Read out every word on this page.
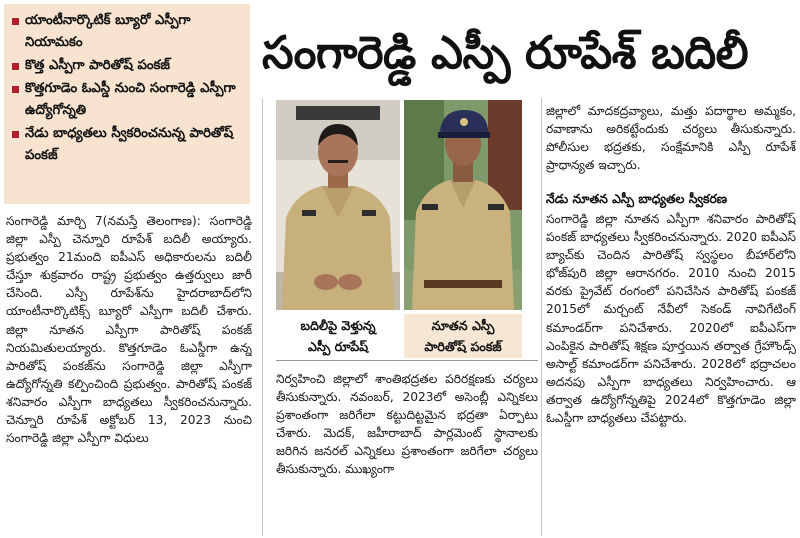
యాంటీనార్కొటిక్ బ్యూరో ఎస్పీగా నియామకం
కొత్త ఎస్పీగా పారితోష్ పంకజ్
కొత్తగూడెం ఓఎస్డీ నుంచి సంగారెడ్డి ఎస్పీగా ఉద్యోగోన్నతి
నేడు బాధ్యతలు స్వీకరించనున్న పారితోష్ పంకజ్
సంగారెడ్డి ఎస్పీ రూపేశ్ బదిలీ
బదిలీపై వెళ్తున్న
ఎస్పీ రూపేష్
నూతన ఎస్పీ
పారితోష్ పంకజ్
సంగారెడ్డి మార్చి 7(నమస్తే తెలంగాణ): సంగారెడ్డి జిల్లా ఎస్పీ చెన్నూరి రూపేశ్ బదిలీ అయ్యారు. ప్రభుత్వం 21మంది ఐపీఎస్ అధికారులను బదిలీ చేస్తూ శుక్రవారం రాష్ట్ర ప్రభుత్వం ఉత్తర్వులు జారీ చేసింది. ఎస్పీ రూపేశ్‌ను హైదరాబాద్‌లోని యాంటీనార్కొటిక్స్ బ్యూరో ఎస్పీగా బదిలీ చేశారు. జిల్లా నూతన ఎస్పీగా పారితోష్ పంకజ్ నియమితులయ్యారు. కొత్తగూడెం ఓఎస్డీగా ఉన్న పారితోష్ పంకజ్‌ను సంగారెడ్డి జిల్లా ఎస్పీగా ఉద్యోగోన్నతి కల్పించింది ప్రభుత్వం. పారితోష్ పంకజ్ శనివారం ఎస్పీగా బాధ్యతలు స్వీకరించనున్నారు. చెన్నూరి రూపేశ్ అక్టోబర్ 13, 2023 నుంచి సంగారెడ్డి జిల్లా ఎస్పీగా విధులు
నిర్వహించి జిల్లాలో శాంతిభద్రతల పరిరక్షణకు చర్యలు తీసుకున్నారు. నవంబర్, 2023లో అసెంబ్లీ ఎన్నికలు ప్రశాంతంగా జరిగేలా కట్టుదిట్టమైన భద్రతా ఏర్పాటు చేశారు. మెదక్, జహీరాబాద్ పార్లమెంట్ స్థానాలకు జరిగిన జనరల్ ఎన్నికలు ప్రశాంతంగా జరిగేలా చర్యలు తీసుకున్నారు. ముఖ్యంగా
జిల్లాలో మాదకద్రవ్యాలు, మత్తు పదార్థాల అమ్మకం, రవాణాను అరికట్టేందుకు చర్యలు తీసుకున్నారు. పోలీసుల భద్రతకు, సంక్షేమానికి ఎస్పీ రూపేశ్ ప్రాధాన్యత ఇచ్చారు.
నేడు నూతన ఎస్పీ బాధ్యతల స్వీకరణ
సంగారెడ్డి జిల్లా నూతన ఎస్పీగా శనివారం పారితోష్ పంకజ్ బాధ్యతలు స్వీకరించనున్నారు. 2020 ఐపీఎస్ బ్యాచ్‌కు చెందిన పారితోష్ స్వస్థలం బీహార్‌లోని భోజ్‌పురి జిల్లా ఆరానగరం. 2010 నుంచి 2015 వరకు ప్రైవేట్ రంగంలో పనిచేసిన పారితోష్ పంకజ్ 2015లో మర్చంట్ నేవీలో సెకండ్ నావిగేటింగ్ కమాండర్‌గా పనిచేశారు. 2020లో ఐపీఎస్‌గా ఎంపికైన పారితోష్ శిక్షణ పూర్తయిన తర్వాత గ్రేహౌండ్స్ అసాల్ట్ కమాండర్‌గా పనిచేశారు. 2028లో భద్రాచలం అదనపు ఎస్పీగా బాధ్యతలు నిర్వహించారు. ఆ తర్వాత ఉద్యోగోన్నతిపై 2024లో కొత్తగూడెం జిల్లా ఓఎస్డీగా బాధ్యతలు చేపట్టారు.
